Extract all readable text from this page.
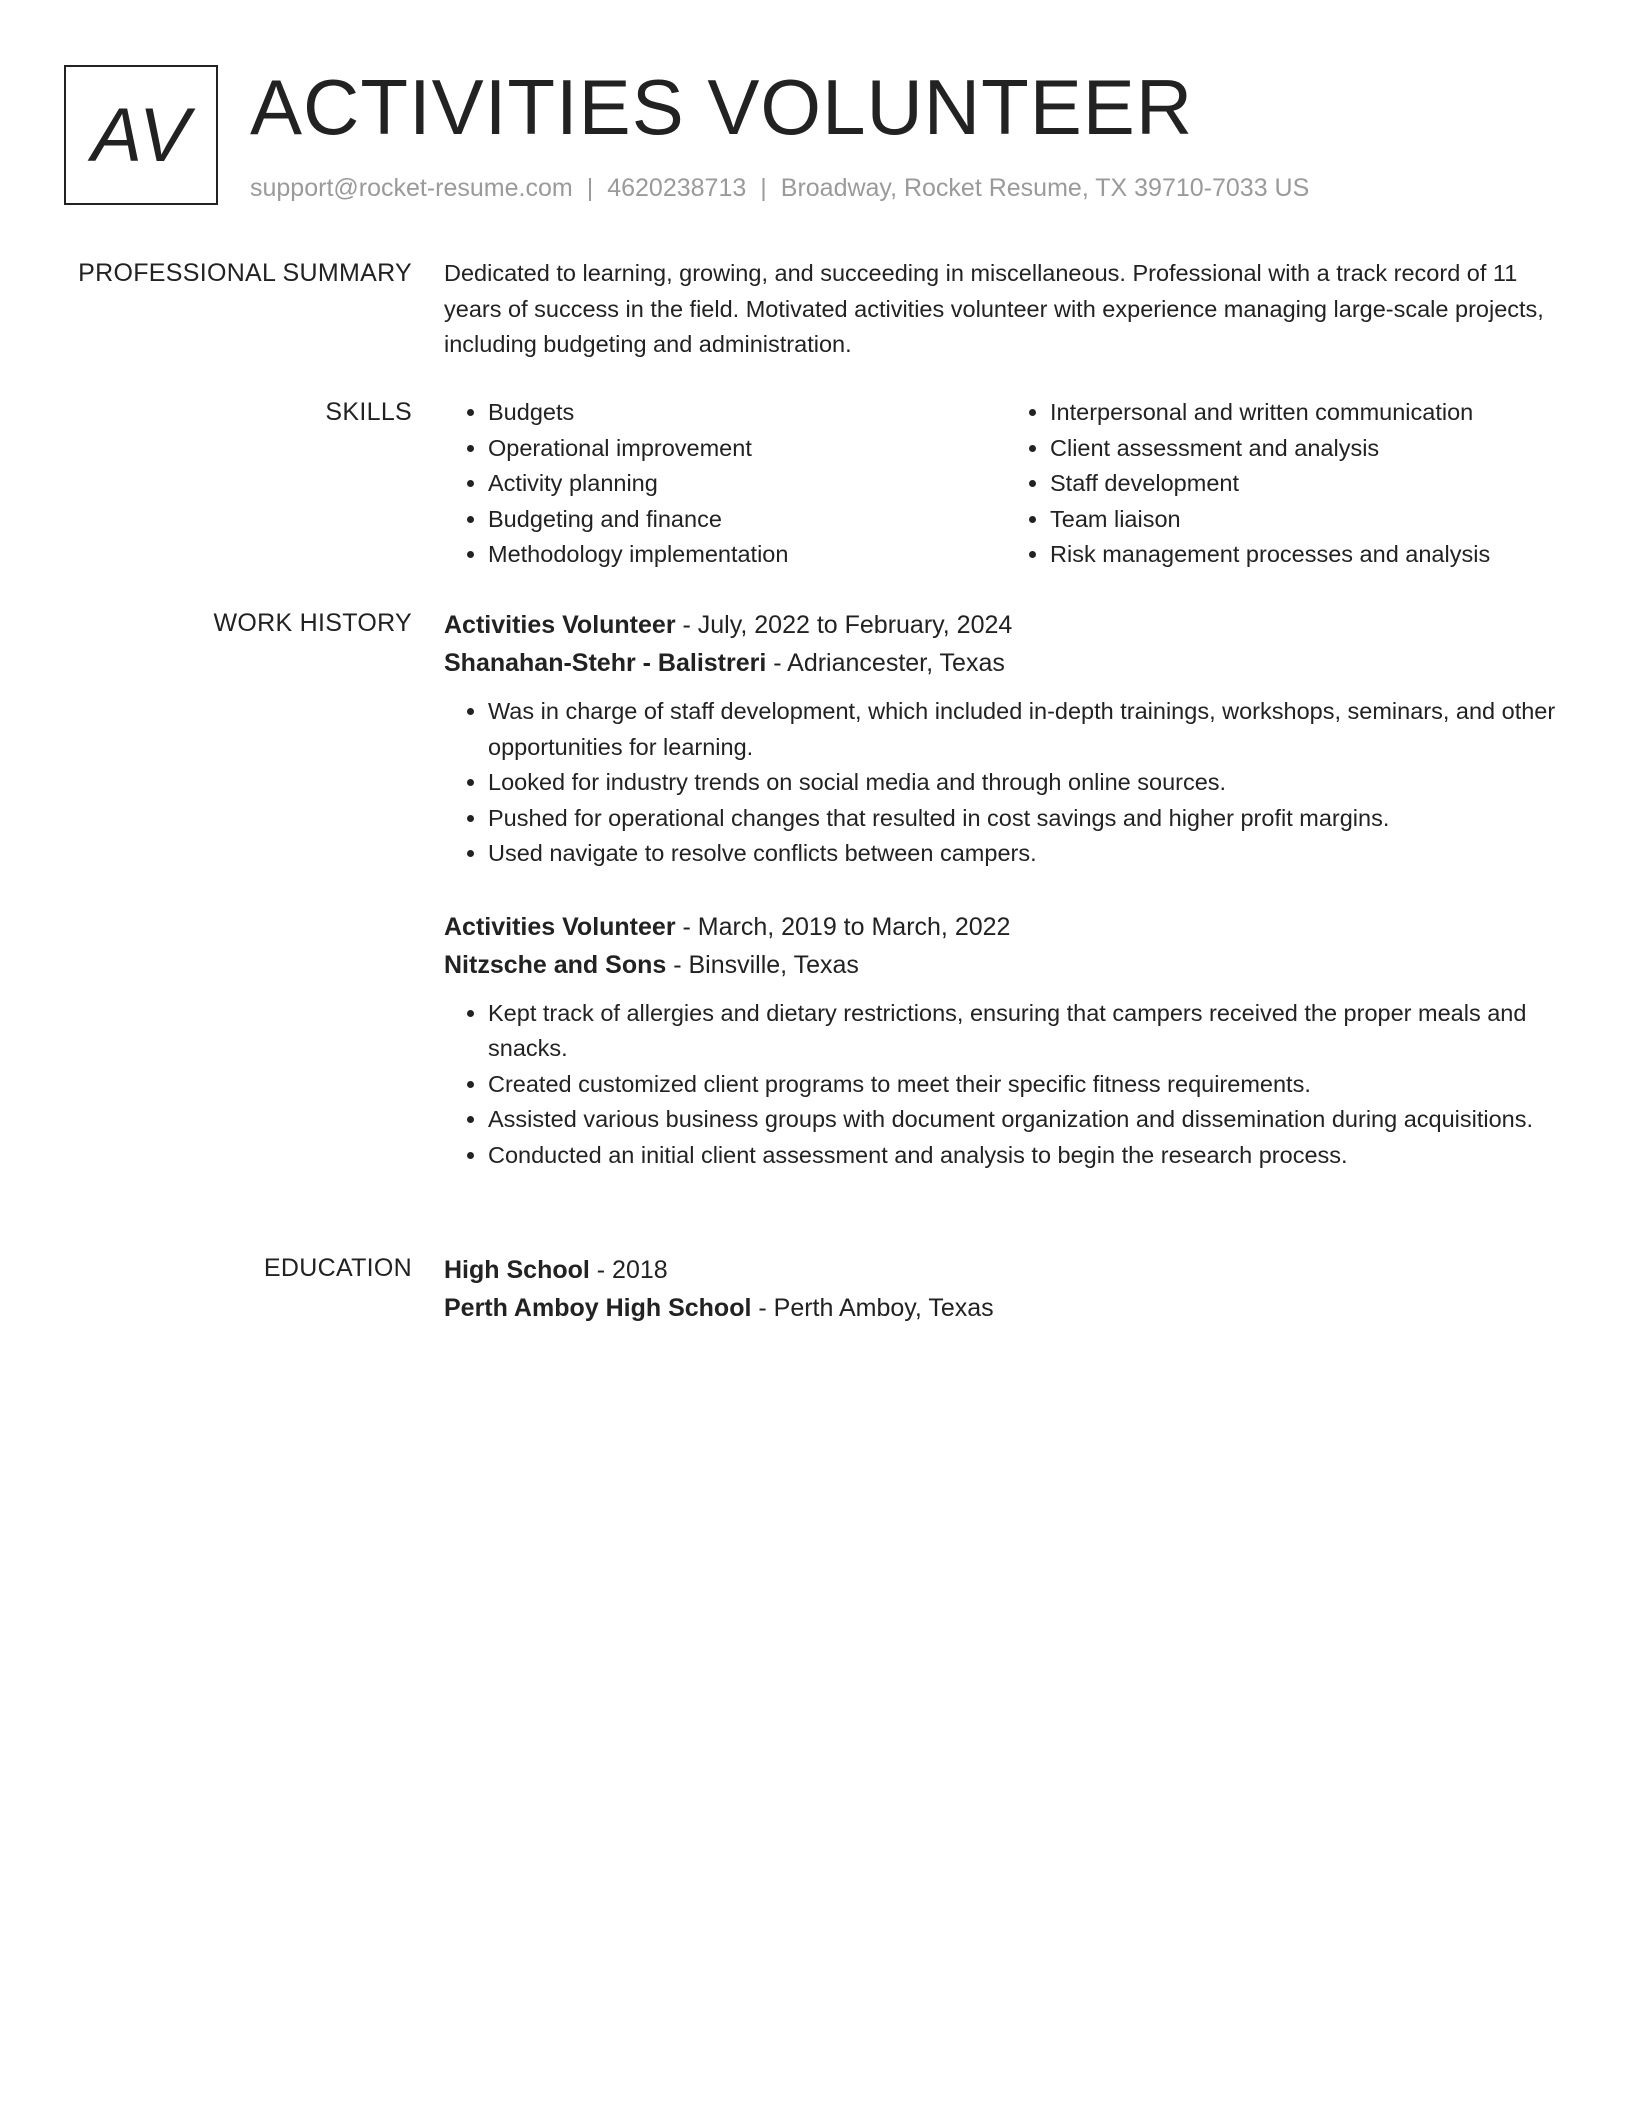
AV ACTIVITIES VOLUNTEER
support@rocket-resume.com | 4620238713 | Broadway, Rocket Resume, TX 39710-7033 US
PROFESSIONAL SUMMARY Dedicated to learning, growing, and succeeding in miscellaneous. Professional with a track record of 11 years of success in the field. Motivated activities volunteer with experience managing large-scale projects, including budgeting and administration.

SKILLS
•	Budgets
• Operational improvement
• Activity planning
• Budgeting and finance
• Methodology implementation
• Interpersonal and written communication
• Client assessment and analysis
• Staff development
• Team liaison
• Risk management processes and analysis
WORK HISTORY Activities Volunteer - July, 2022 to February, 2024

Shanahan-Stehr - Balistreri - Adriancester, Texas

• Was in charge of staff development, which included in-depth trainings, workshops, seminars, and other opportunities for learning.
• Looked for industry trends on social media and through online sources.
• Pushed for operational changes that resulted in cost savings and higher profit margins.
• Used navigate to resolve conflicts between campers.

Activities Volunteer - March, 2019 to March, 2022

Nitzsche and Sons - Binsville, Texas

• Kept track of allergies and dietary restrictions, ensuring that campers received the proper meals and snacks.
• Created customized client programs to meet their specific fitness requirements.
• Assisted various business groups with document organization and dissemination during acquisitions.
• Conducted an initial client assessment and analysis to begin the research process.
EDUCATION High School - 2018

Perth Amboy High School - Perth Amboy, Texas
